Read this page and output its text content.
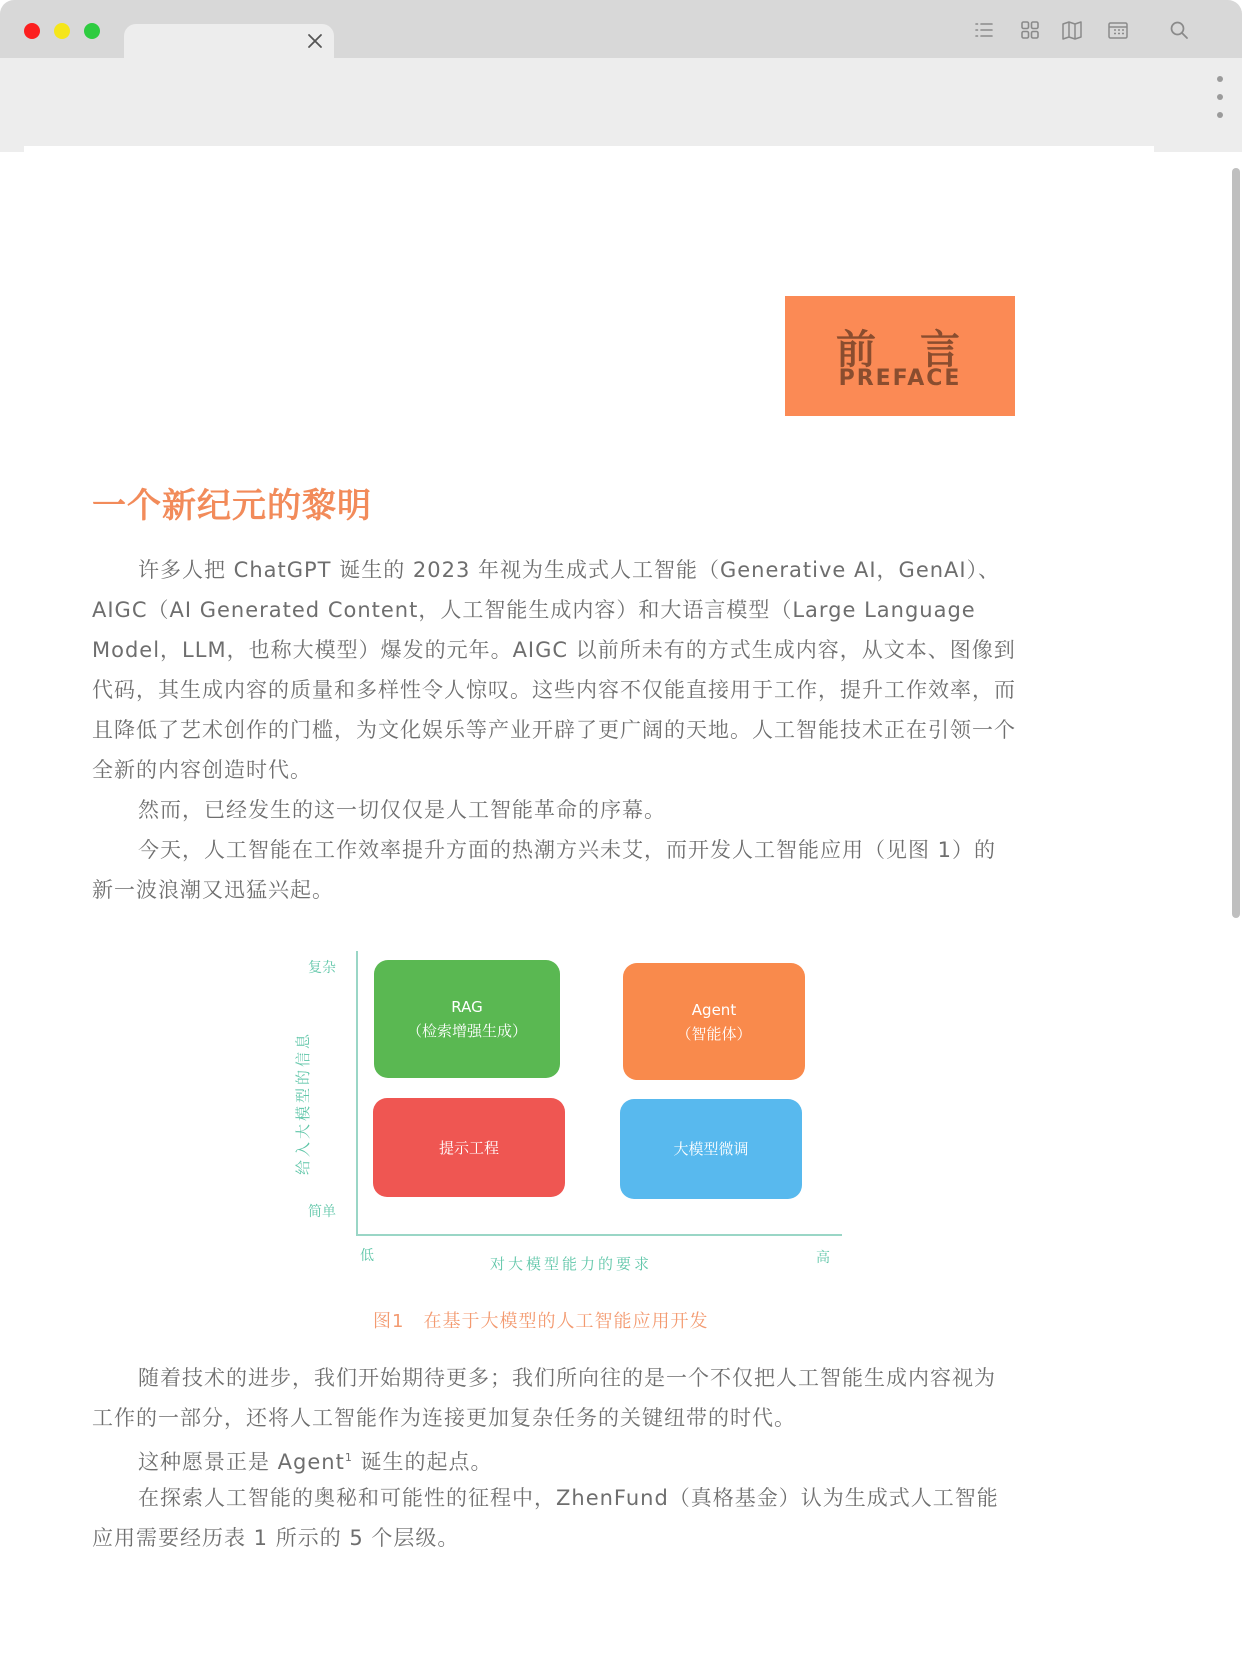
前言
PREFACE
一个新纪元的黎明
许多人把 ChatGPT 诞生的 2023 年视为生成式人工智能（Generative AI，GenAI）、AIGC（AI Generated Content，人工智能生成内容）和大语言模型（Large Language Model，LLM，也称大模型）爆发的元年。AIGC 以前所未有的方式生成内容，从文本、图像到代码，其生成内容的质量和多样性令人惊叹。这些内容不仅能直接用于工作，提升工作效率，而且降低了艺术创作的门槛，为文化娱乐等产业开辟了更广阔的天地。人工智能技术正在引领一个全新的内容创造时代。
然而，已经发生的这一切仅仅是人工智能革命的序幕。
今天，人工智能在工作效率提升方面的热潮方兴未艾，而开发人工智能应用（见图 1）的新一波浪潮又迅猛兴起。
复杂
简单
给入大模型的信息
低	高
对大模型能力的要求
RAG
（检索增强生成）
Agent
（智能体）
提示工程	大模型微调
图1　在基于大模型的人工智能应用开发
随着技术的进步，我们开始期待更多；我们所向往的是一个不仅把人工智能生成内容视为工作的一部分，还将人工智能作为连接更加复杂任务的关键纽带的时代。
这种愿景正是 Agent$^1$ 诞生的起点。
在探索人工智能的奥秘和可能性的征程中，ZhenFund（真格基金）认为生成式人工智能应用需要经历表 1 所示的 5 个层级。
